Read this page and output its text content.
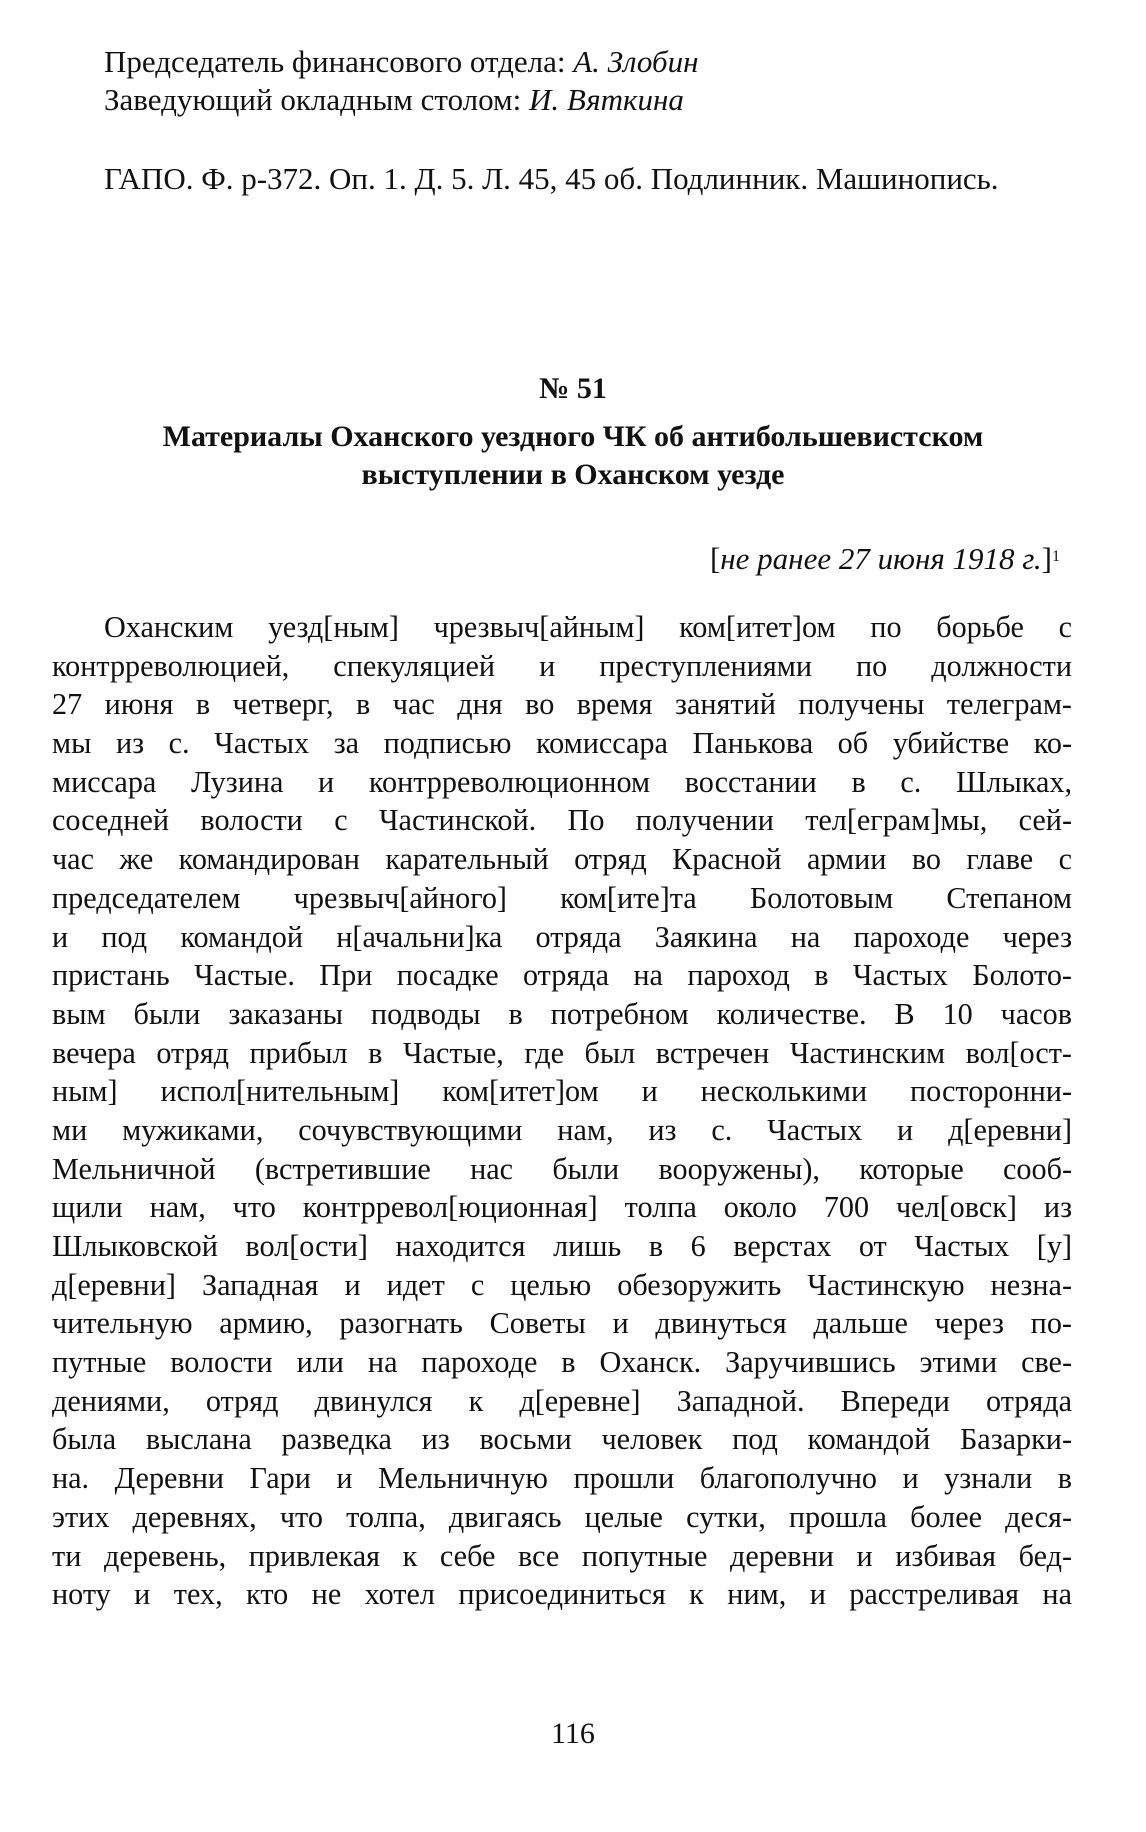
Председатель финансового отдела: А. Злобин
Заведующий окладным столом: И. Вяткина
ГАПО. Ф. р-372. Оп. 1. Д. 5. Л. 45, 45 об. Подлинник. Машинопись.
№ 51
Материалы Оханского уездного ЧК об антибольшевистском выступлении в Оханском уезде
[не ранее 27 июня 1918 г.]$^1$
Оханским уезд[ным] чрезвыч[айным] ком[итет]ом по борьбе с
контрреволюцией, спекуляцией и преступлениями по должности
27 июня в четверг, в час дня во время занятий получены телеграм-
мы из с. Частых за подписью комиссара Панькова об убийстве ко-
миссара Лузина и контрреволюционном восстании в с. Шлыках,
соседней волости с Частинской. По получении тел[еграм]мы, сей-
час же командирован карательный отряд Красной армии во главе с
председателем чрезвыч[айного] ком[ите]та Болотовым Степаном
и под командой н[ачальни]ка отряда Заякина на пароходе через
пристань Частые. При посадке отряда на пароход в Частых Болото-
вым были заказаны подводы в потребном количестве. В 10 часов
вечера отряд прибыл в Частые, где был встречен Частинским вол[ост-
ным] испол[нительным] ком[итет]ом и несколькими посторонни-
ми мужиками, сочувствующими нам, из с. Частых и д[еревни]
Мельничной (встретившие нас были вооружены), которые сооб-
щили нам, что контрревол[юционная] толпа около 700 чел[овск] из
Шлыковской вол[ости] находится лишь в 6 верстах от Частых [у]
д[еревни] Западная и идет с целью обезоружить Частинскую незна-
чительную армию, разогнать Советы и двинуться дальше через по-
путные волости или на пароходе в Оханск. Заручившись этими све-
дениями, отряд двинулся к д[еревне] Западной. Впереди отряда
была выслана разведка из восьми человек под командой Базарки-
на. Деревни Гари и Мельничную прошли благополучно и узнали в
этих деревнях, что толпа, двигаясь целые сутки, прошла более деся-
ти деревень, привлекая к себе все попутные деревни и избивая бед-
ноту и тех, кто не хотел присоединиться к ним, и расстреливая на
116
